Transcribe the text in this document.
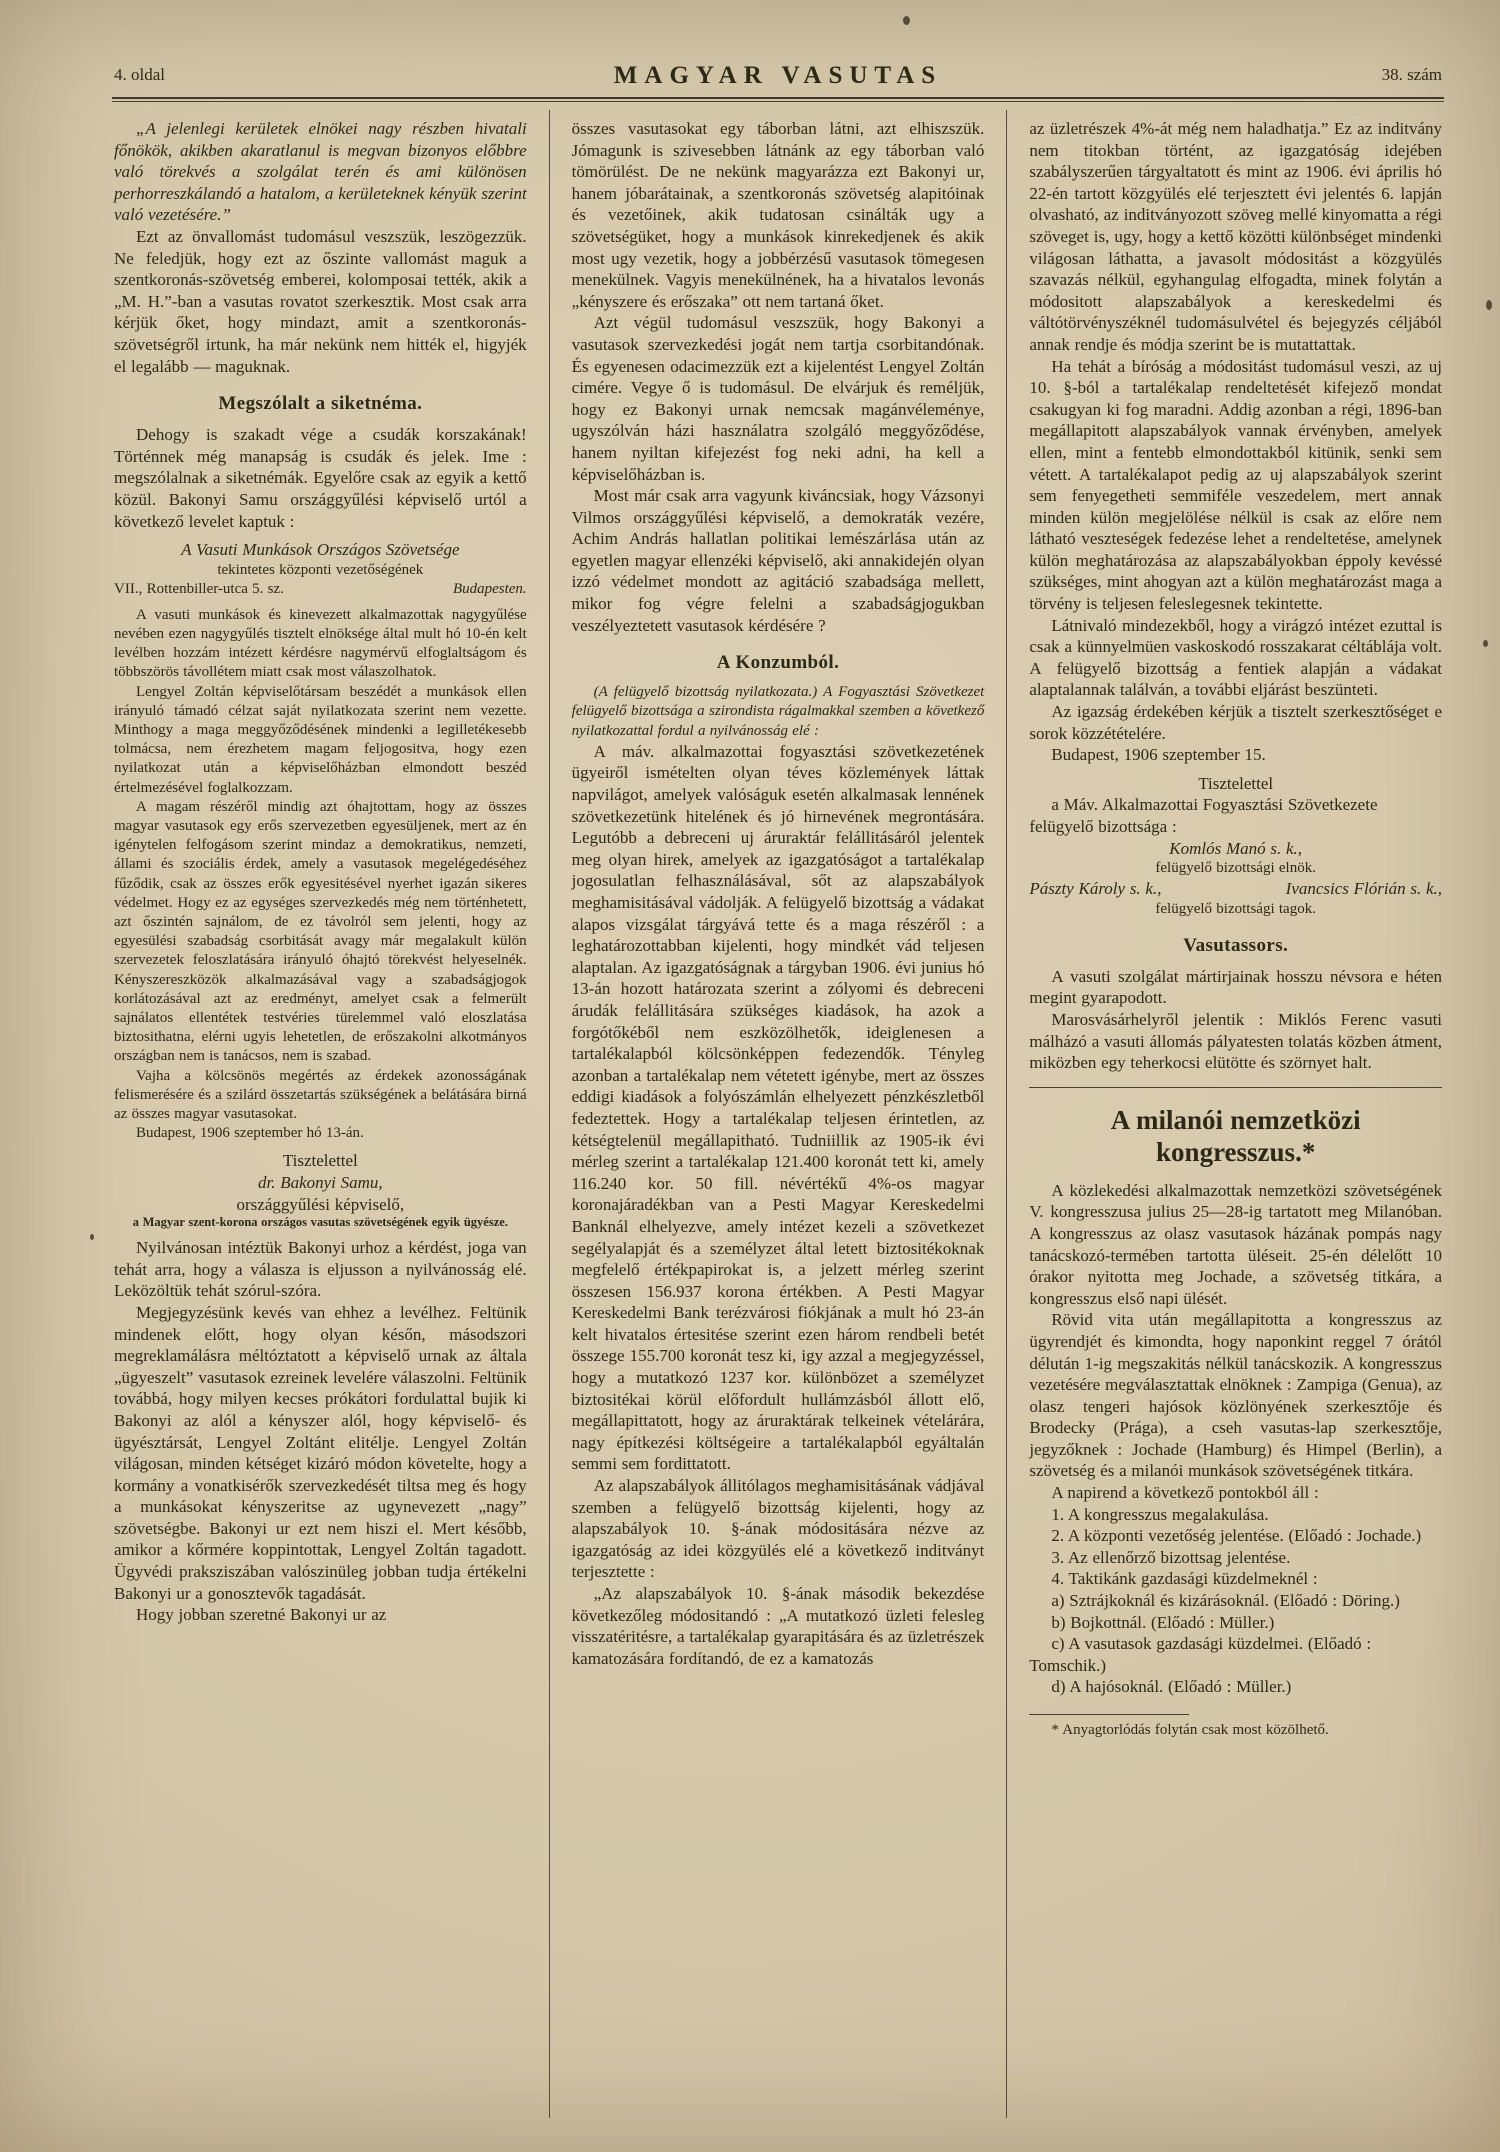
4. oldal	MAGYAR VASUTAS	38. szám

„A jelenlegi kerületek elnökei nagy részben hivatali főnökök, akikben akaratlanul is megvan bizonyos előbbre való törekvés a szolgálat terén és ami különösen perhorreszkálandó a hatalom, a kerületeknek kényük szerint való vezetésére.”

Ezt az önvallomást tudomásul veszszük, leszögezzük. Ne feledjük, hogy ezt az őszinte vallomást maguk a szentkoronás-szövetség emberei, kolomposai tették, akik a „M. H.”-ban a vasutas rovatot szerkesztik. Most csak arra kérjük őket, hogy mindazt, amit a szentkoronás-szövetségről irtunk, ha már nekünk nem hitték el, higyjék el legalább — maguknak.

Megszólalt a siketnéma.

Dehogy is szakadt vége a csudák korszakának! Történnek még manapság is csudák és jelek. Ime : megszólalnak a siketnémák. Egyelőre csak az egyik a kettő közül. Bakonyi Samu országgyűlési képviselő urtól a következő levelet kaptuk :

A Vasuti Munkások Országos Szövetsége
tekintetes központi vezetőségének
VII., Rottenbiller-utca 5. sz.	Budapesten.

A vasuti munkások és kinevezett alkalmazottak nagygyűlése nevében ezen nagygyűlés tisztelt elnöksége által mult hó 10-én kelt levélben hozzám intézett kérdésre nagymérvű elfoglaltságom és többszörös távollétem miatt csak most válaszolhatok.

Lengyel Zoltán képviselőtársam beszédét a munkások ellen irányuló támadó célzat saját nyilatkozata szerint nem vezette. Minthogy a maga meggyőződésének mindenki a legilletékesebb tolmácsa, nem érezhetem magam feljogositva, hogy ezen nyilatkozat után a képviselőházban elmondott beszéd értelmezésével foglalkozzam.

A magam részéről mindig azt óhajtottam, hogy az összes magyar vasutasok egy erős szervezetben egyesüljenek, mert az én igénytelen felfogásom szerint mindaz a demokratikus, nemzeti, állami és szociális érdek, amely a vasutasok megelégedéséhez fűződik, csak az összes erők egyesitésével nyerhet igazán sikeres védelmet. Hogy ez az egységes szervezkedés még nem történhetett, azt őszintén sajnálom, de ez távolról sem jelenti, hogy az egyesülési szabadság csorbitását avagy már megalakult külön szervezetek feloszlatására irányuló óhajtó törekvést helyeselnék. Kényszereszközök alkalmazásával vagy a szabadságjogok korlátozásával azt az eredményt, amelyet csak a felmerült sajnálatos ellentétek testvéries türelemmel való eloszlatása biztosithatna, elérni ugyis lehetetlen, de erőszakolni alkotmányos országban nem is tanácsos, nem is szabad.

Vajha a kölcsönös megértés az érdekek azonosságának felismerésére és a szilárd összetartás szükségének a belátására birná az összes magyar vasutasokat.

Budapest, 1906 szeptember hó 13-án.

Tisztelettel
dr. Bakonyi Samu,
országgyűlési képviselő,
a Magyar szent-korona országos vasutas szövetségének egyik ügyésze.

Nyilvánosan intéztük Bakonyi urhoz a kérdést, joga van tehát arra, hogy a válasza is eljusson a nyilvánosság elé. Leközöltük tehát szórul-szóra.

Megjegyzésünk kevés van ehhez a levélhez. Feltünik mindenek előtt, hogy olyan későn, másodszori megreklamálásra méltóztatott a képviselő urnak az általa „ügyeszelt” vasutasok ezreinek levelére válaszolni. Feltünik továbbá, hogy milyen kecses prókátori fordulattal bujik ki Bakonyi az alól a kényszer alól, hogy képviselő- és ügyésztársát, Lengyel Zoltánt elitélje. Lengyel Zoltán világosan, minden kétséget kizáró módon követelte, hogy a kormány a vonatkisérők szervezkedését tiltsa meg és hogy a munkásokat kényszeritse az ugynevezett „nagy” szövetségbe. Bakonyi ur ezt nem hiszi el. Mert később, amikor a kőrmére koppintottak, Lengyel Zoltán tagadott. Ügyvédi praksziszában valószinüleg jobban tudja értékelni Bakonyi ur a gonosztevők tagadását.

Hogy jobban szeretné Bakonyi ur az

összes vasutasokat egy táborban látni, azt elhiszszük. Jómagunk is szivesebben látnánk az egy táborban való tömörülést. De ne nekünk magyarázza ezt Bakonyi ur, hanem jóbarátainak, a szentkoronás szövetség alapitóinak és vezetőinek, akik tudatosan csinálták ugy a szövetségüket, hogy a munkások kinrekedjenek és akik most ugy vezetik, hogy a jobbérzésű vasutasok tömegesen menekülnek. Vagyis menekülnének, ha a hivatalos levonás „kényszere és erőszaka” ott nem tartaná őket.

Azt végül tudomásul veszszük, hogy Bakonyi a vasutasok szervezkedési jogát nem tartja csorbitandónak. És egyenesen odacimezzük ezt a kijelentést Lengyel Zoltán cimére. Vegye ő is tudomásul. De elvárjuk és reméljük, hogy ez Bakonyi urnak nemcsak magánvéleménye, ugyszólván házi használatra szolgáló meggyőződése, hanem nyiltan kifejezést fog neki adni, ha kell a képviselőházban is.

Most már csak arra vagyunk kiváncsiak, hogy Vázsonyi Vilmos országgyűlési képviselő, a demokraták vezére, Achim András hallatlan politikai lemészárlása után az egyetlen magyar ellenzéki képviselő, aki annakidején olyan izzó védelmet mondott az agitáció szabadsága mellett, mikor fog végre felelni a szabadságjogukban veszélyeztetett vasutasok kérdésére ?

A Konzumból.

(A felügyelő bizottság nyilatkozata.) A Fogyasztási Szövetkezet felügyelő bizottsága a szirondista rágalmakkal szemben a következő nyilatkozattal fordul a nyilvánosság elé :

A máv. alkalmazottai fogyasztási szövetkezetének ügyeiről ismételten olyan téves közlemények láttak napvilágot, amelyek valóságuk esetén alkalmasak lennének szövetkezetünk hitelének és jó hirnevének megrontására. Legutóbb a debreceni uj áruraktár felállitásáról jelentek meg olyan hirek, amelyek az igazgatóságot a tartalékalap jogosulatlan felhasználásával, sőt az alapszabályok meghamisitásával vádolják. A felügyelő bizottság a vádakat alapos vizsgálat tárgyává tette és a maga részéről : a leghatározottabban kijelenti, hogy mindkét vád teljesen alaptalan. Az igazgatóságnak a tárgyban 1906. évi junius hó 13-án hozott határozata szerint a zólyomi és debreceni árudák felállitására szükséges kiadások, ha azok a forgótőkéből nem eszközölhetők, ideiglenesen a tartalékalapból kölcsönképpen fedezendők. Tényleg azonban a tartalékalap nem vétetett igénybe, mert az összes eddigi kiadások a folyószámlán elhelyezett pénzkészletből fedeztettek. Hogy a tartalékalap teljesen érintetlen, az kétségtelenül megállapitható. Tudniillik az 1905-ik évi mérleg szerint a tartalékalap 121.400 koronát tett ki, amely 116.240 kor. 50 fill. névértékű 4%-os magyar koronajáradékban van a Pesti Magyar Kereskedelmi Banknál elhelyezve, amely intézet kezeli a szövetkezet segélyalapját és a személyzet által letett biztositékoknak megfelelő értékpapirokat is, a jelzett mérleg szerint összesen 156.937 korona értékben. A Pesti Magyar Kereskedelmi Bank terézvárosi fiókjának a mult hó 23-án kelt hivatalos értesitése szerint ezen három rendbeli betét összege 155.700 koronát tesz ki, igy azzal a megjegyzéssel, hogy a mutatkozó 1237 kor. különbözet a személyzet biztositékai körül előfordult hullámzásból állott elő, megállapittatott, hogy az áruraktárak telkeinek vételárára, nagy építkezési költségeire a tartalékalapból egyáltalán semmi sem fordittatott.

Az alapszabályok állitólagos meghamisitásának vádjával szemben a felügyelő bizottság kijelenti, hogy az alapszabályok 10. §-ának módositására nézve az igazgatóság az idei közgyülés elé a következő inditványt terjesztette :

„Az alapszabályok 10. §-ának második bekezdése következőleg módositandó : „A mutatkozó üzleti felesleg visszatéritésre, a tartalékalap gyarapitására és az üzletrészek kamatozására fordítandó, de ez a kamatozás

az üzletrészek 4%-át még nem haladhatja.” Ez az inditvány nem titokban történt, az igazgatóság idejében szabályszerűen tárgyaltatott és mint az 1906. évi április hó 22-én tartott közgyülés elé terjesztett évi jelentés 6. lapján olvasható, az inditványozott szöveg mellé kinyomatta a régi szöveget is, ugy, hogy a kettő közötti különbséget mindenki világosan láthatta, a javasolt módositást a közgyülés szavazás nélkül, egyhangulag elfogadta, minek folytán a módositott alapszabályok a kereskedelmi és váltótörvényszéknél tudomásulvétel és bejegyzés céljából annak rendje és módja szerint be is mutattattak.

Ha tehát a bíróság a módositást tudomásul veszi, az uj 10. §-ból a tartalékalap rendeltetését kifejező mondat csakugyan ki fog maradni. Addig azonban a régi, 1896-ban megállapitott alapszabályok vannak érvényben, amelyek ellen, mint a fentebb elmondottakból kitünik, senki sem vétett. A tartalékalapot pedig az uj alapszabályok szerint sem fenyegetheti semmiféle veszedelem, mert annak minden külön megjelölése nélkül is csak az előre nem látható veszteségek fedezése lehet a rendeltetése, amelynek külön meghatározása az alapszabályokban éppoly kevéssé szükséges, mint ahogyan azt a külön meghatározást maga a törvény is teljesen feleslegesnek tekintette.

Látnivaló mindezekből, hogy a virágzó intézet ezuttal is csak a künnyelmüen vaskoskodó rosszakarat céltáblája volt. A felügyelő bizottság a fentiek alapján a vádakat alaptalannak találván, a további eljárást beszünteti.

Az igazság érdekében kérjük a tisztelt szerkesztőséget e sorok közzétételére.

Budapest, 1906 szeptember 15.

Tisztelettel
a Máv. Alkalmazottai Fogyasztási Szövetkezete felügyelő bizottsága :
Komlós Manó s. k.,
felügyelő bizottsági elnök.
Pászty Károly s. k.,	Ivancsics Flórián s. k.,
felügyelő bizottsági tagok.
Vasutassors.

A vasuti szolgálat mártirjainak hosszu névsora e héten megint gyarapodott.

Marosvásárhelyről jelentik : Miklós Ferenc vasuti málházó a vasuti állomás pályatesten tolatás közben átment, miközben egy teherkocsi elütötte és szörnyet halt.

A milanói nemzetközi kongresszus.*

A közlekedési alkalmazottak nemzetközi szövetségének V. kongresszusa julius 25—28-ig tartatott meg Milanóban. A kongresszus az olasz vasutasok házának pompás nagy tanácskozó-termében tartotta üléseit. 25-én délelőtt 10 órakor nyitotta meg Jochade, a szövetség titkára, a kongresszus első napi ülését.

Rövid vita után megállapitotta a kongresszus az ügyrendjét és kimondta, hogy naponkint reggel 7 órától délután 1-ig megszakitás nélkül tanácskozik. A kongresszus vezetésére megválasztattak elnöknek : Zampiga (Genua), az olasz tengeri hajósok közlönyének szerkesztője és Brodecky (Prága), a cseh vasutas-lap szerkesztője, jegyzőknek : Jochade (Hamburg) és Himpel (Berlin), a szövetség és a milanói munkások szövetségének titkára.

A napirend a következő pontokból áll :

1. A kongresszus megalakulása.

2. A központi vezetőség jelentése. (Előadó : Jochade.)

3. Az ellenőrző bizottsag jelentése.

4. Taktikánk gazdasági küzdelmeknél :

a) Sztrájkoknál és kizárásoknál. (Előadó : Döring.)

b) Bojkottnál. (Előadó : Müller.)

c) A vasutasok gazdasági küzdelmei. (Előadó : Tomschik.)

d) A hajósoknál. (Előadó : Müller.)

* Anyagtorlódás folytán csak most közölhető.
